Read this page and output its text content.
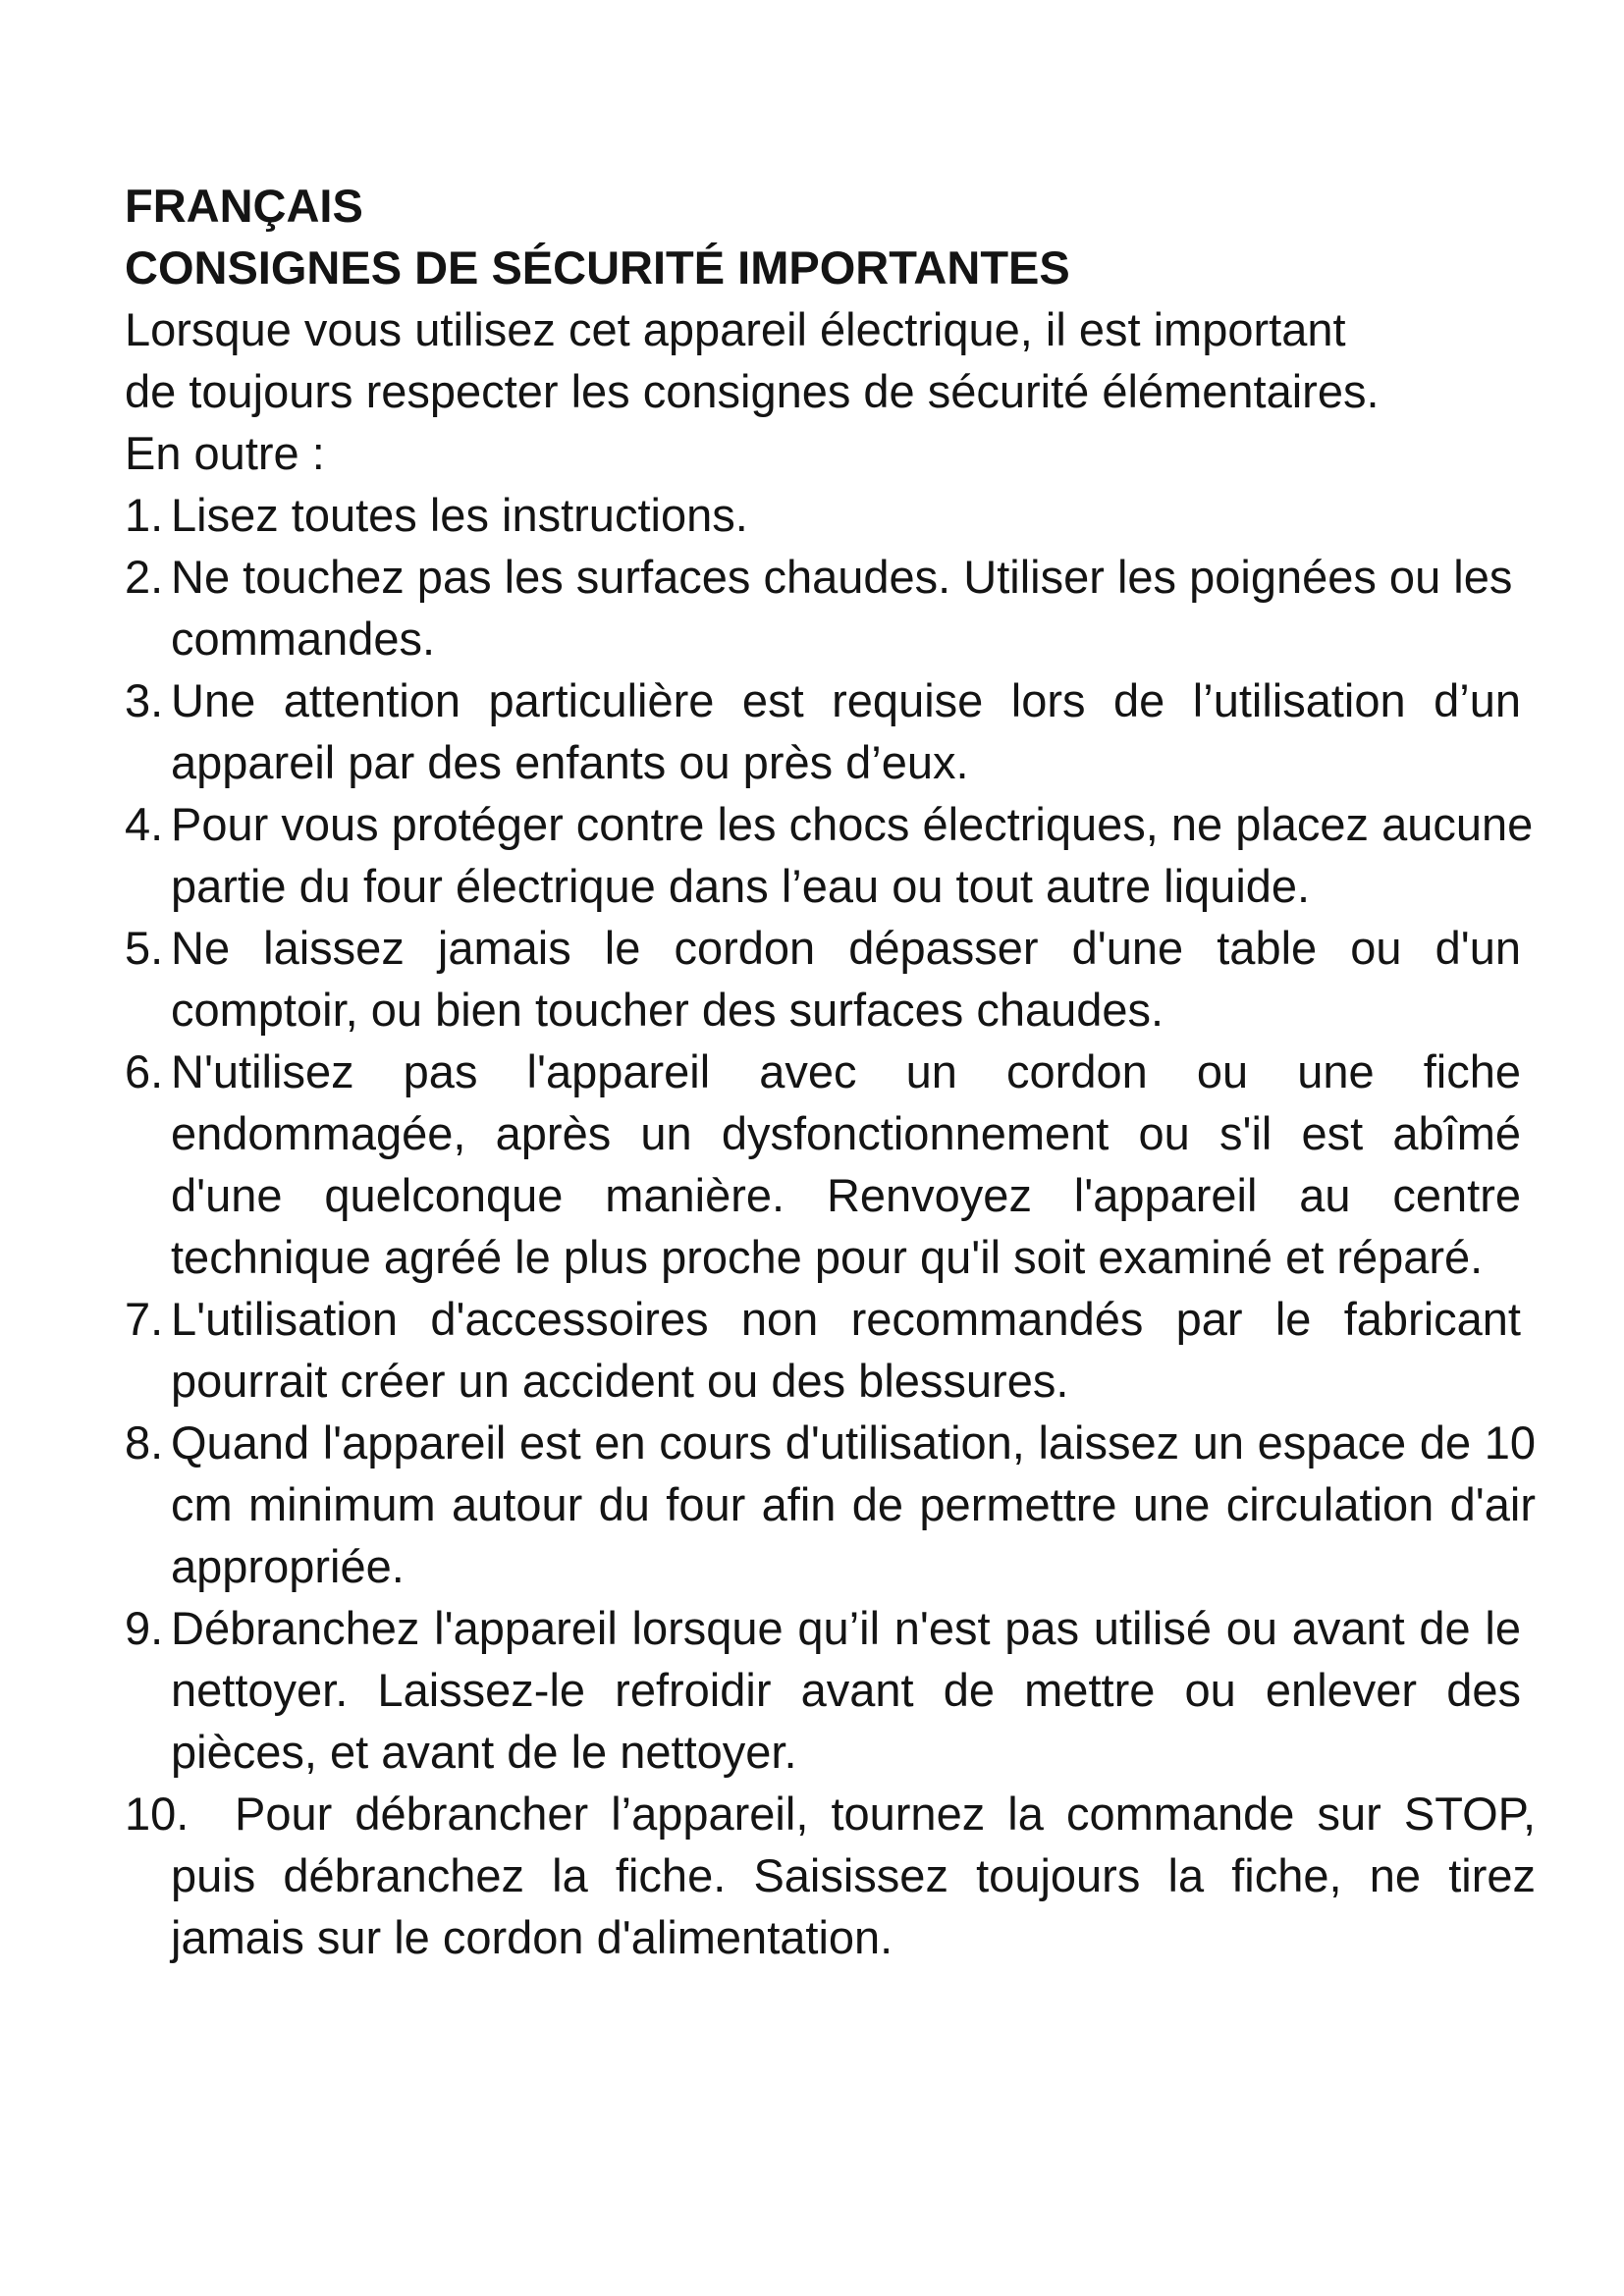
FRANÇAIS
CONSIGNES DE SÉCURITÉ IMPORTANTES
Lorsque vous utilisez cet appareil électrique, il est important
de toujours respecter les consignes de sécurité élémentaires.
En outre :
1. Lisez toutes les instructions.
2. Ne touchez pas les surfaces chaudes. Utiliser les poignées ou les commandes.
3. Une attention particulière est requise lors de l’utilisation d’un appareil par des enfants ou près d’eux.
4. Pour vous protéger contre les chocs électriques, ne placez aucune partie du four électrique dans l’eau ou tout autre liquide.
5. Ne laissez jamais le cordon dépasser d'une table ou d'un comptoir, ou bien toucher des surfaces chaudes.
6. N'utilisez pas l'appareil avec un cordon ou une fiche endommagée, après un dysfonctionnement ou s'il est abîmé d'une quelconque manière. Renvoyez l'appareil au centre technique agréé le plus proche pour qu'il soit examiné et réparé.
7. L'utilisation d'accessoires non recommandés par le fabricant pourrait créer un accident ou des blessures.
8. Quand l'appareil est en cours d'utilisation, laissez un espace de 10 cm minimum autour du four afin de permettre une circulation d'air appropriée.
9. Débranchez l'appareil lorsque qu’il n'est pas utilisé ou avant de le nettoyer. Laissez-le refroidir avant de mettre ou enlever des pièces, et avant de le nettoyer.
10. Pour débrancher l’appareil, tournez la commande sur STOP, puis débranchez la fiche. Saisissez toujours la fiche, ne tirez jamais sur le cordon d'alimentation.
